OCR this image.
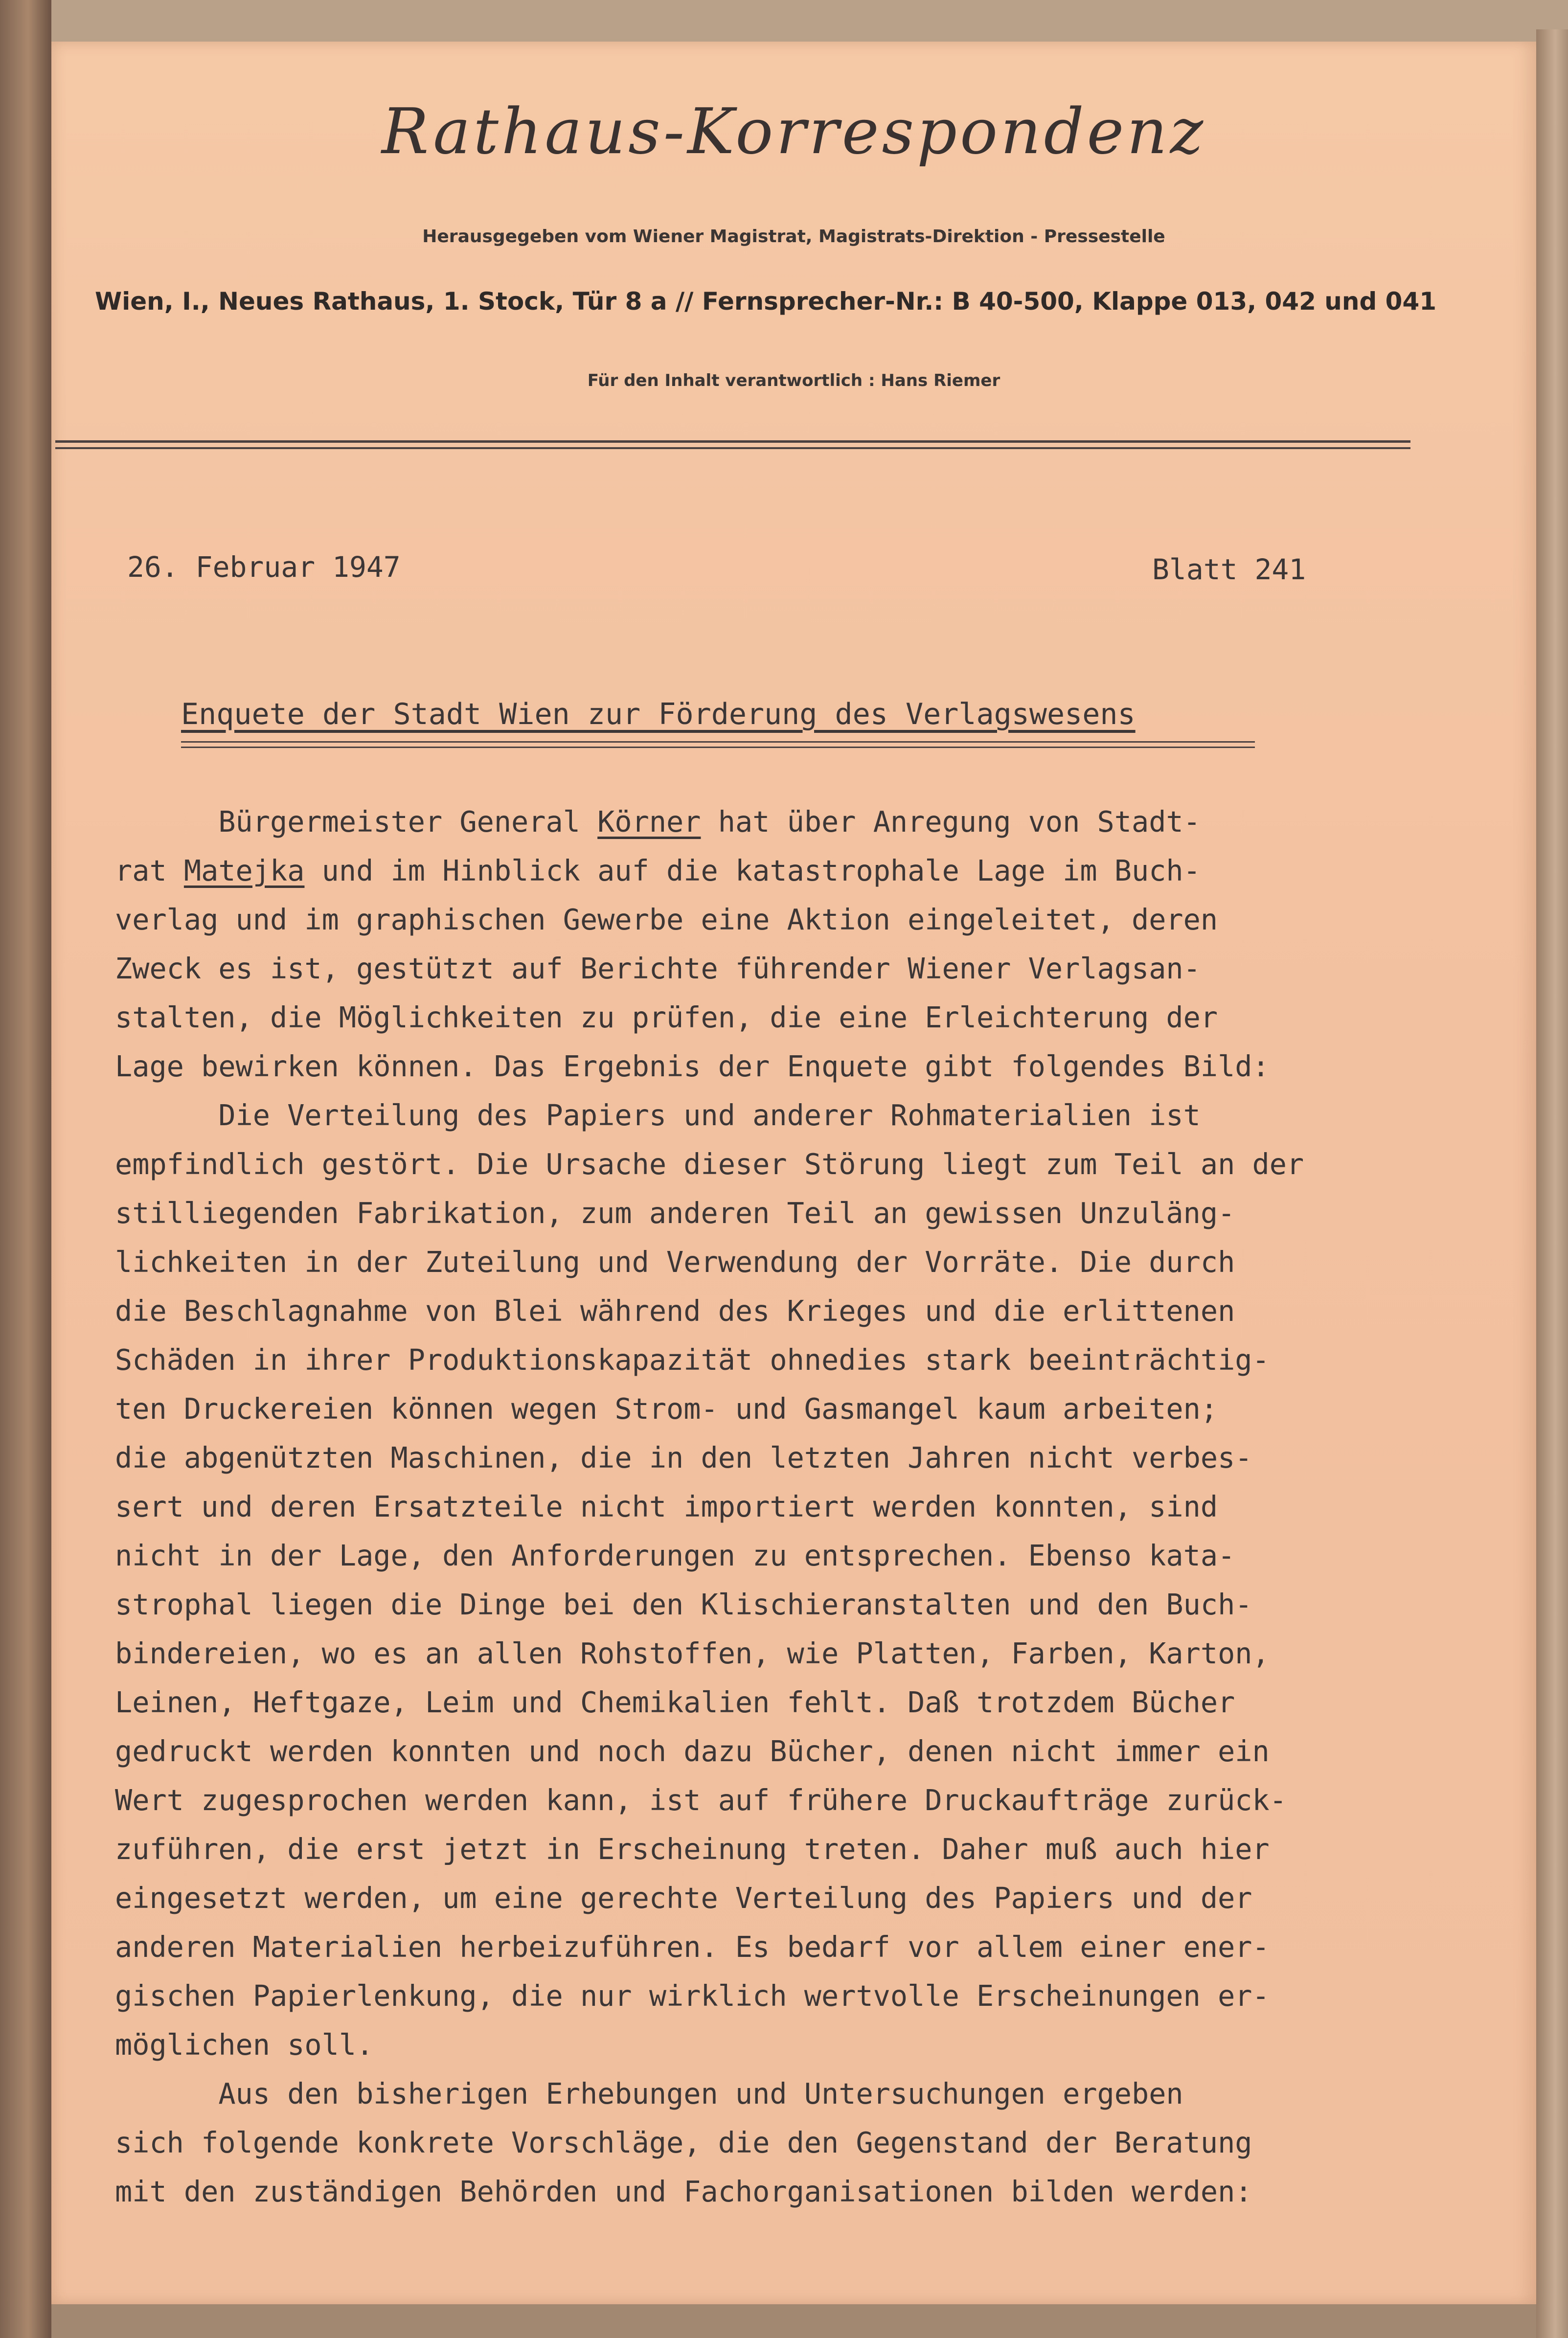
Rathaus-Korrespondenz
Herausgegeben vom Wiener Magistrat, Magistrats-Direktion - Pressestelle
Wien, I., Neues Rathaus, 1. Stock, Tür 8 a // Fernsprecher-Nr.: B 40-500, Klappe 013, 042 und 041
Für den Inhalt verantwortlich : Hans Riemer
26. Februar 1947	Blatt 241
Enquete der Stadt Wien zur Förderung des Verlagswesens
Bürgermeister General Körner hat über Anregung von Stadt-
rat Matejka und im Hinblick auf die katastrophale Lage im Buch-
verlag und im graphischen Gewerbe eine Aktion eingeleitet, deren
Zweck es ist, gestützt auf Berichte führender Wiener Verlagsan-
stalten, die Möglichkeiten zu prüfen, die eine Erleichterung der
Lage bewirken können. Das Ergebnis der Enquete gibt folgendes Bild:
Die Verteilung des Papiers und anderer Rohmaterialien ist
empfindlich gestört. Die Ursache dieser Störung liegt zum Teil an der
stilliegenden Fabrikation, zum anderen Teil an gewissen Unzuläng-
lichkeiten in der Zuteilung und Verwendung der Vorräte. Die durch
die Beschlagnahme von Blei während des Krieges und die erlittenen
Schäden in ihrer Produktionskapazität ohnedies stark beeinträchtig-
ten Druckereien können wegen Strom- und Gasmangel kaum arbeiten;
die abgenützten Maschinen, die in den letzten Jahren nicht verbes-
sert und deren Ersatzteile nicht importiert werden konnten, sind
nicht in der Lage, den Anforderungen zu entsprechen. Ebenso kata-
strophal liegen die Dinge bei den Klischieranstalten und den Buch-
bindereien, wo es an allen Rohstoffen, wie Platten, Farben, Karton,
Leinen, Heftgaze, Leim und Chemikalien fehlt. Daß trotzdem Bücher
gedruckt werden konnten und noch dazu Bücher, denen nicht immer ein
Wert zugesprochen werden kann, ist auf frühere Druckaufträge zurück-
zuführen, die erst jetzt in Erscheinung treten. Daher muß auch hier
eingesetzt werden, um eine gerechte Verteilung des Papiers und der
anderen Materialien herbeizuführen. Es bedarf vor allem einer ener-
gischen Papierlenkung, die nur wirklich wertvolle Erscheinungen er-
möglichen soll.
Aus den bisherigen Erhebungen und Untersuchungen ergeben
sich folgende konkrete Vorschläge, die den Gegenstand der Beratung
mit den zuständigen Behörden und Fachorganisationen bilden werden:
